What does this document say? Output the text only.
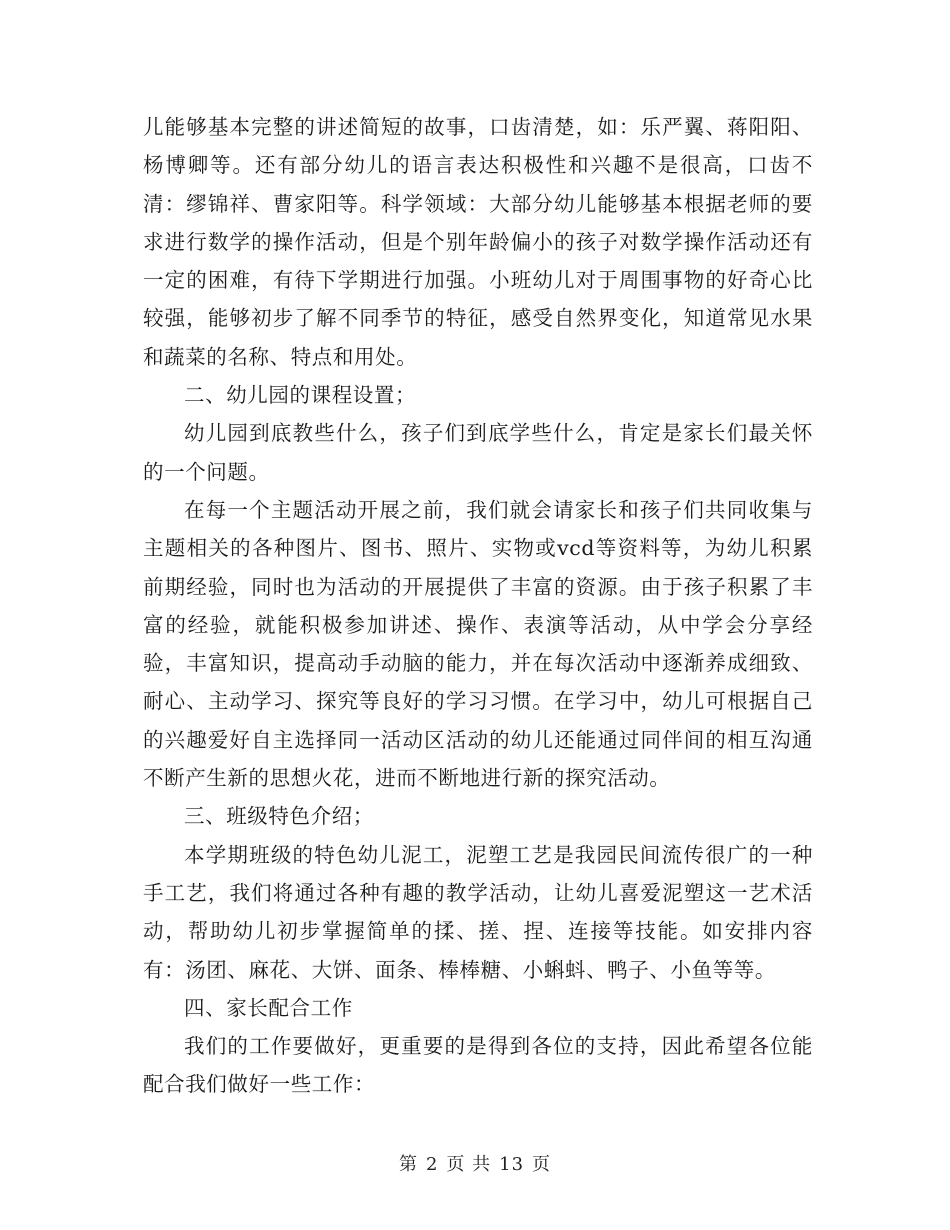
儿能够基本完整的讲述简短的故事，口齿清楚，如：乐严翼、蒋阳阳、杨博卿等。还有部分幼儿的语言表达积极性和兴趣不是很高，口齿不清：缪锦祥、曹家阳等。科学领域：大部分幼儿能够基本根据老师的要求进行数学的操作活动，但是个别年龄偏小的孩子对数学操作活动还有一定的困难，有待下学期进行加强。小班幼儿对于周围事物的好奇心比较强，能够初步了解不同季节的特征，感受自然界变化，知道常见水果和蔬菜的名称、特点和用处。

二、幼儿园的课程设置；

幼儿园到底教些什么，孩子们到底学些什么，肯定是家长们最关怀的一个问题。

在每一个主题活动开展之前，我们就会请家长和孩子们共同收集与主题相关的各种图片、图书、照片、实物或vcd等资料等，为幼儿积累前期经验，同时也为活动的开展提供了丰富的资源。由于孩子积累了丰富的经验，就能积极参加讲述、操作、表演等活动，从中学会分享经验，丰富知识，提高动手动脑的能力，并在每次活动中逐渐养成细致、耐心、主动学习、探究等良好的学习习惯。在学习中，幼儿可根据自己的兴趣爱好自主选择同一活动区活动的幼儿还能通过同伴间的相互沟通不断产生新的思想火花，进而不断地进行新的探究活动。

三、班级特色介绍；

本学期班级的特色幼儿泥工，泥塑工艺是我园民间流传很广的一种手工艺，我们将通过各种有趣的教学活动，让幼儿喜爱泥塑这一艺术活动，帮助幼儿初步掌握简单的揉、搓、捏、连接等技能。如安排内容有：汤团、麻花、大饼、面条、棒棒糖、小蝌蚪、鸭子、小鱼等等。

四、家长配合工作

我们的工作要做好，更重要的是得到各位的支持，因此希望各位能配合我们做好一些工作：

第 2 页 共 13 页
